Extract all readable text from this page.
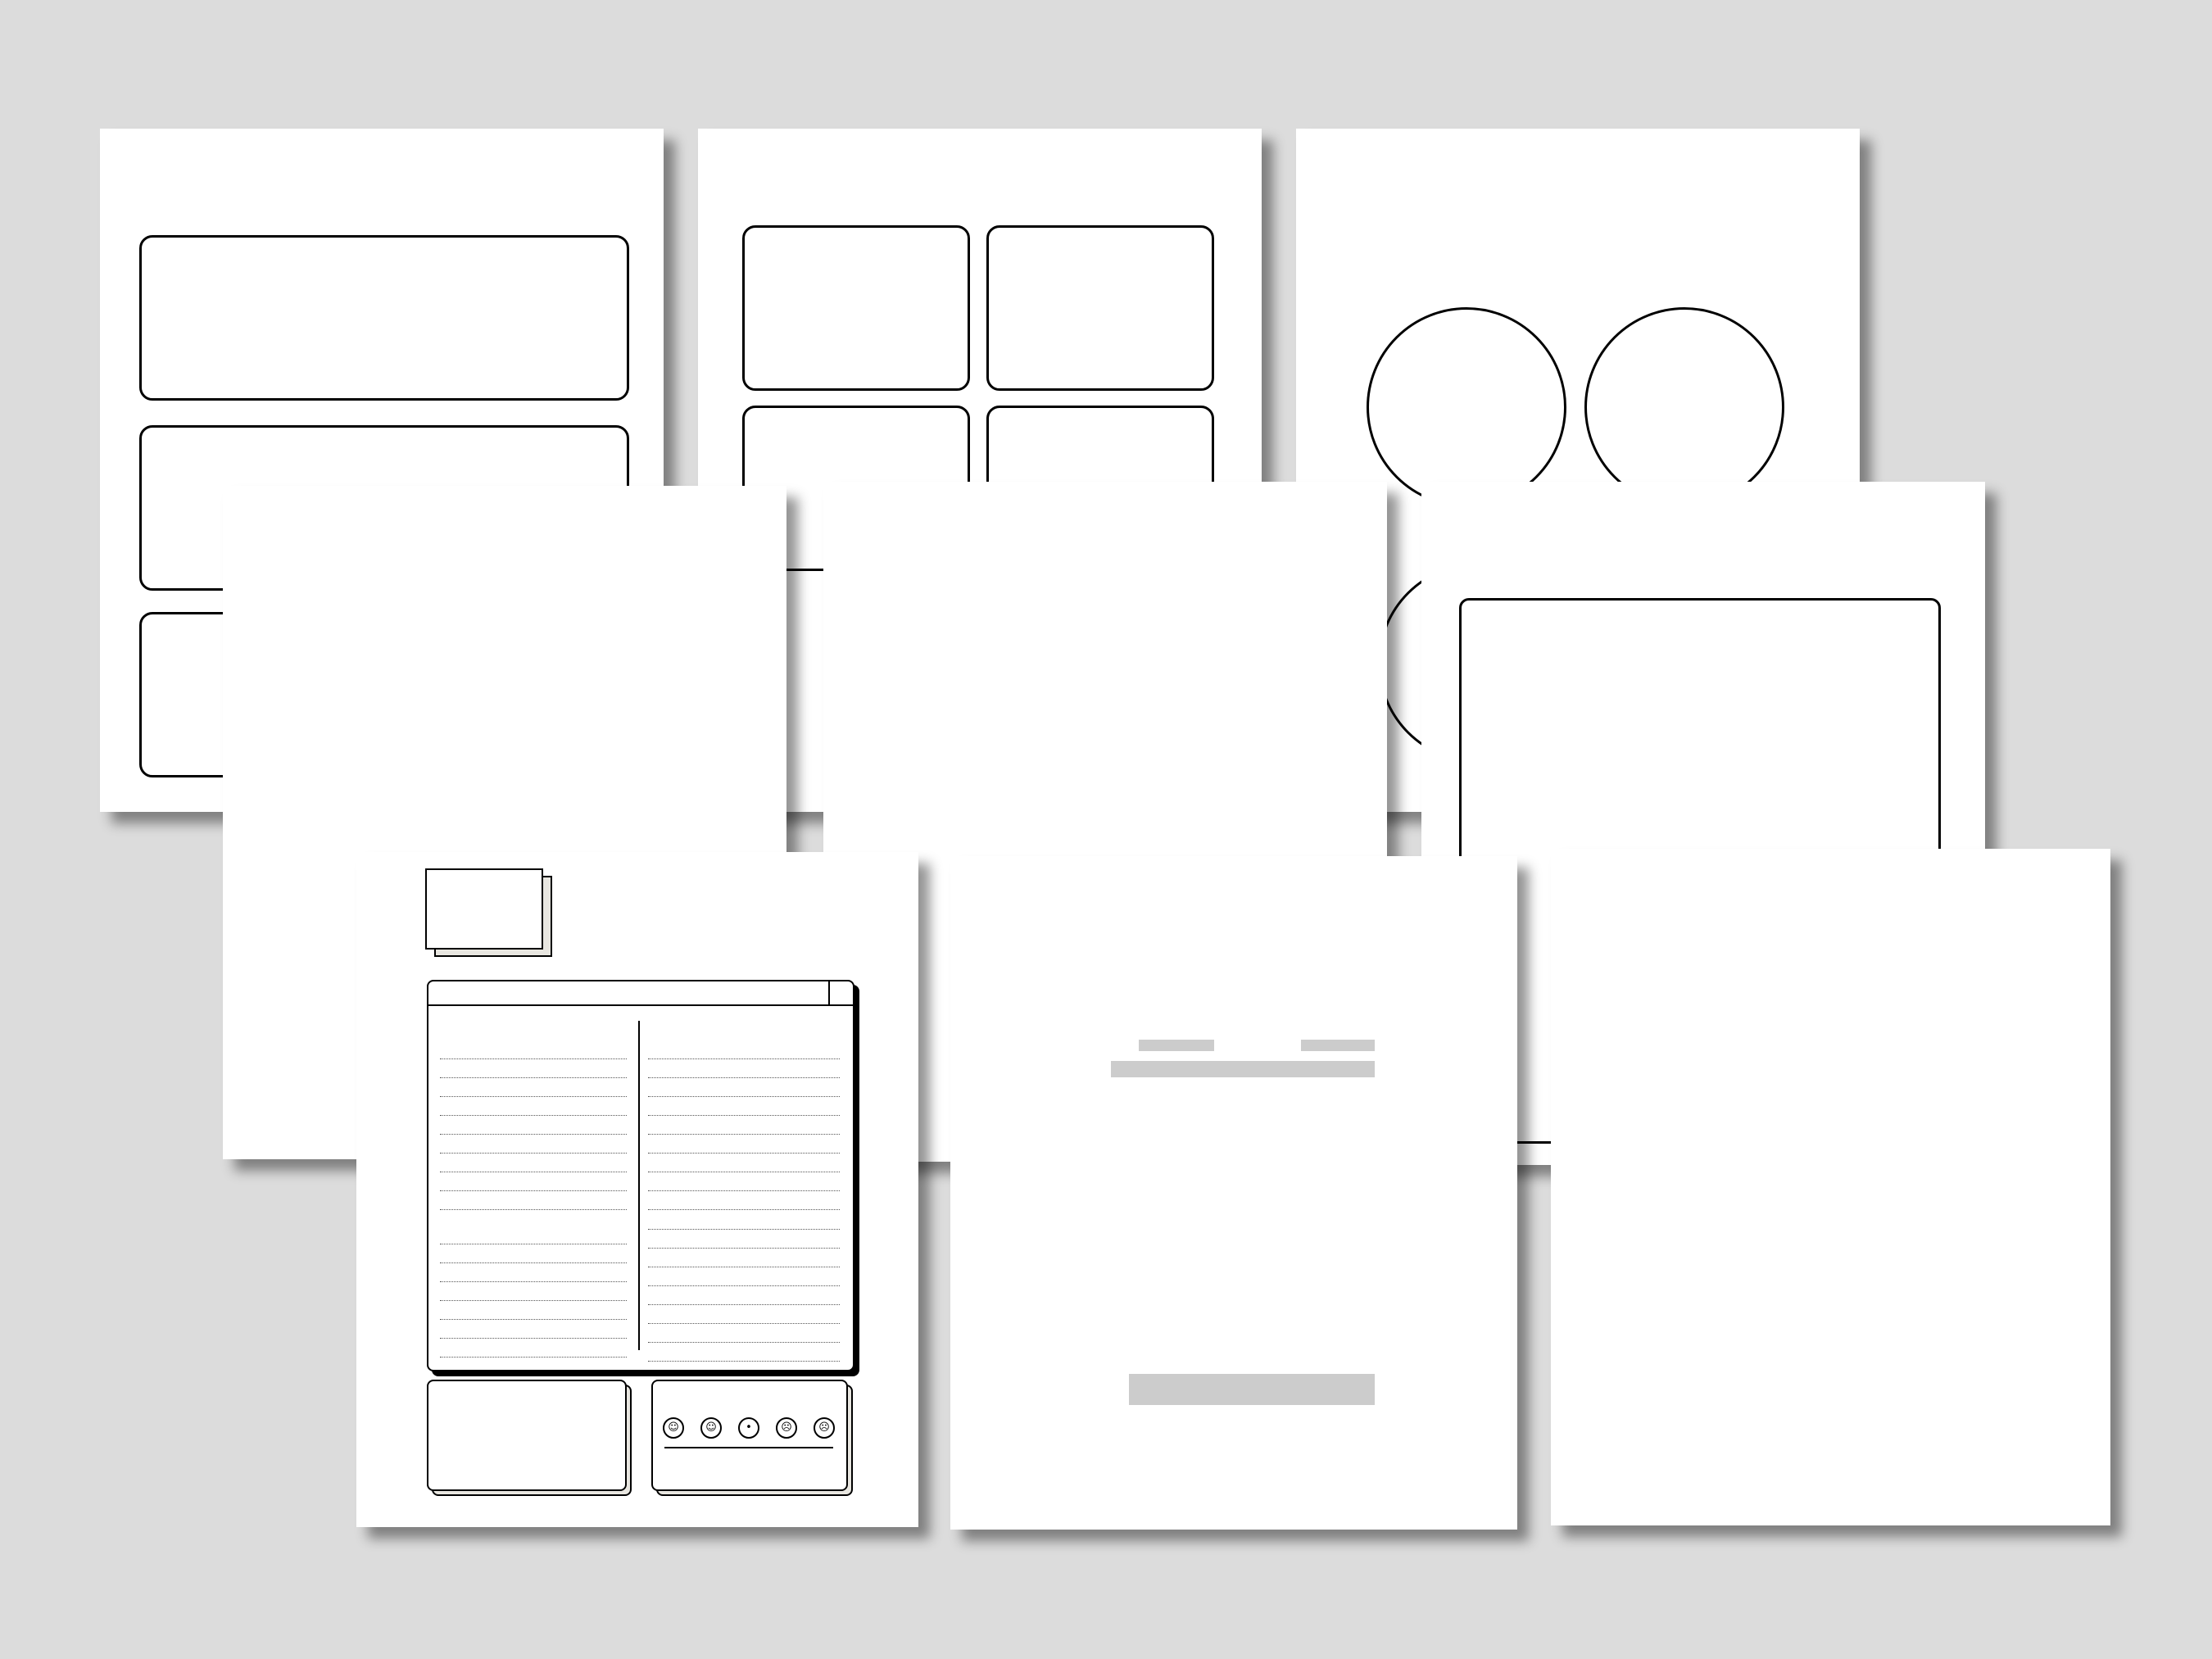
☺	☺	•	☹	☹
